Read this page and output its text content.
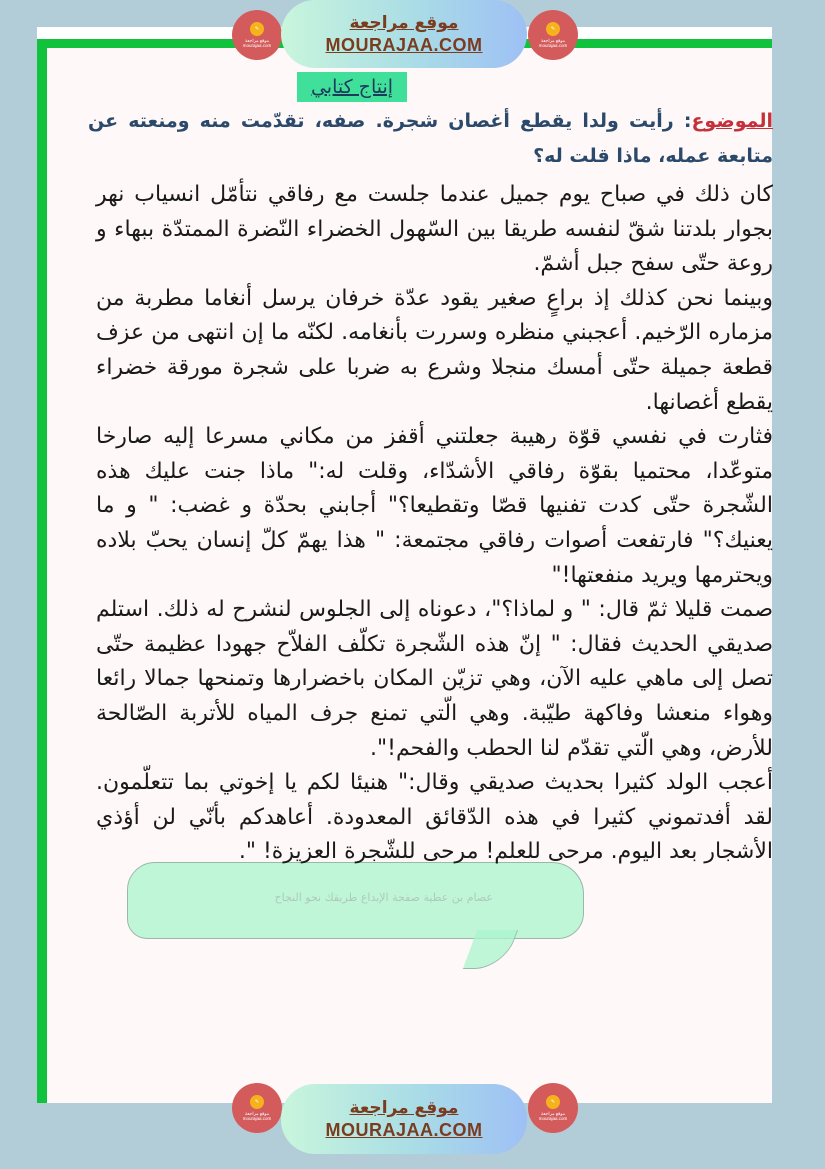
إنتاج كتابي
الموضوع: رأيت ولدا يقطع أغصان شجرة. صفه، تقدّمت منه ومنعته عن متابعة عمله، ماذا قلت له؟
عصام بن عطية صفحة الإبداع طريقك نحو النجاح

كان ذلك في صباح يوم جميل عندما جلست مع رفاقي نتأمّل انسياب نهر بجوار بلدتنا شقّ لنفسه طريقا بين السّهول الخضراء النّضرة الممتدّة ببهاء و روعة حتّى سفح جبل أشمّ.

وبينما نحن كذلك إذ براعٍ صغير يقود عدّة خرفان يرسل أنغاما مطربة من مزماره الرّخيم. أعجبني منظره وسررت بأنغامه. لكنّه ما إن انتهى من عزف قطعة جميلة حتّى أمسك منجلا وشرع به ضربا على شجرة مورقة خضراء يقطع أغصانها.

فثارت في نفسي قوّة رهيبة جعلتني أقفز من مكاني مسرعا إليه صارخا متوعّدا، محتميا بقوّة رفاقي الأشدّاء، وقلت له:" ماذا جنت عليك هذه الشّجرة حتّى كدت تفنيها قصّا وتقطيعا؟" أجابني بحدّة و غضب: " و ما يعنيك؟" فارتفعت أصوات رفاقي مجتمعة: " هذا يهمّ كلّ إنسان يحبّ بلاده ويحترمها ويريد منفعتها!"

صمت قليلا ثمّ قال: " و لماذا؟"، دعوناه إلى الجلوس لنشرح له ذلك. استلم صديقي الحديث فقال: " إنّ هذه الشّجرة تكلّف الفلاّح جهودا عظيمة حتّى تصل إلى ماهي عليه الآن، وهي تزيّن المكان باخضرارها وتمنحها جمالا رائعا وهواء منعشا وفاكهة طيّبة. وهي الّتي تمنع جرف المياه للأتربة الصّالحة للأرض، وهي الّتي تقدّم لنا الحطب والفحم!".

أعجب الولد كثيرا بحديث صديقي وقال:" هنيئا لكم يا إخوتي بما تتعلّمون. لقد أفدتموني كثيرا في هذه الدّقائق المعدودة. أعاهدكم بأنّي لن أؤذي الأشجار بعد اليوم. مرحى للعلم! مرحى للشّجرة العزيزة! ".

✎
موقع مراجعة
mourajaa.com
موقع مراجعة
MOURAJAA.COM
✎
موقع مراجعة
mourajaa.com
✎
موقع مراجعة
mourajaa.com
موقع مراجعة
MOURAJAA.COM
✎
موقع مراجعة
mourajaa.com
